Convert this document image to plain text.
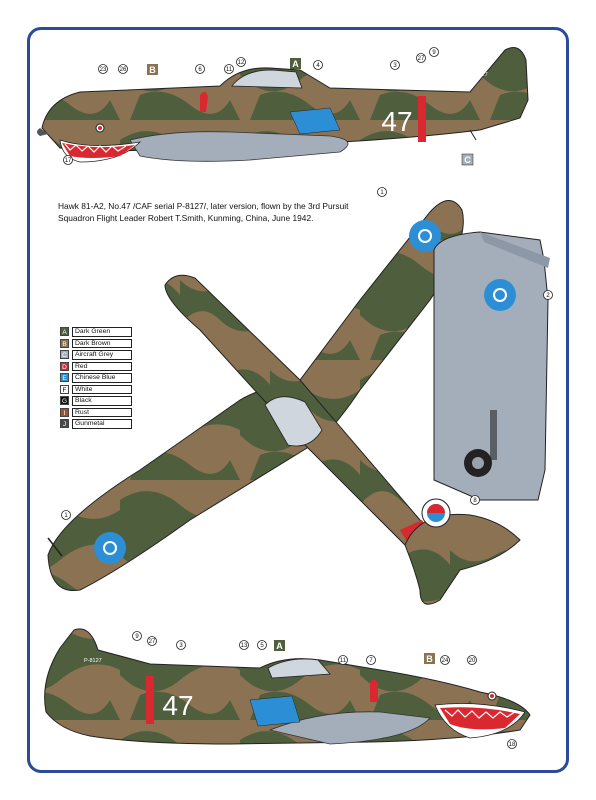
23 26	6	11
12	A	4	3
27
9
17	C
B	P-8127
47
1
1
2
8
9
27
3	13 5 A
11	7	B 24	20
18
P-8127
47
Hawk 81-A2, No.47 /CAF serial P-8127/, later version, flown by the 3rd Pursuit Squadron Flight Leader Robert T.Smith, Kunming, China, June 1942.
A	Dark Green
B	Dark Brown
C	Aircraft Grey
D	Red
E	Chinese Blue
F	White
G	Black
I	Rust
J	Gunmetal
